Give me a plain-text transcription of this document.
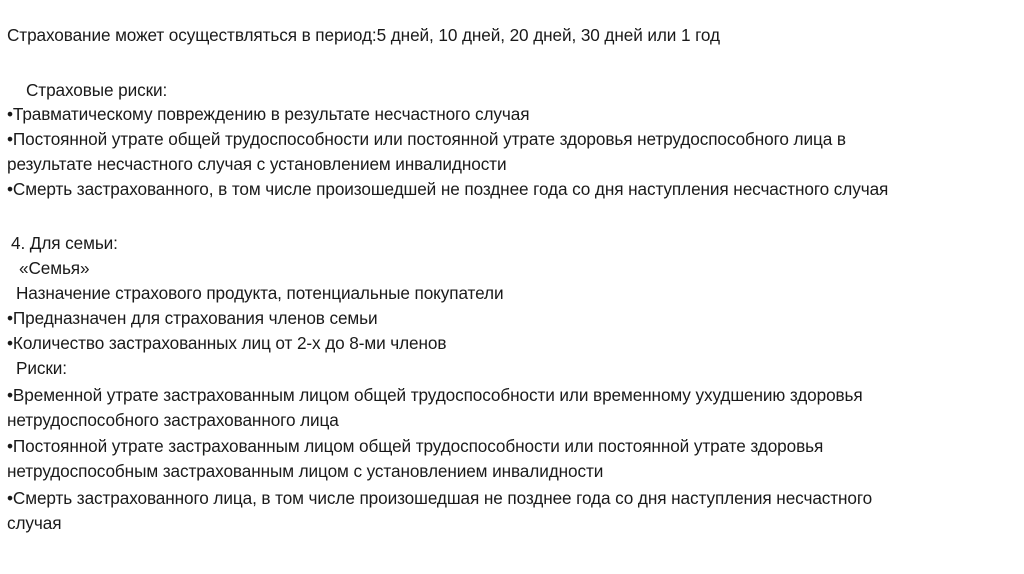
Страхование может осуществляться в период:5 дней, 10 дней, 20 дней, 30 дней или 1 год

Страховые риски:

•Травматическому повреждению в результате несчастного случая

•Постоянной утрате общей трудоспособности или постоянной утрате здоровья нетрудоспособного лица в

результате несчастного случая с установлением инвалидности

•Смерть застрахованного, в том числе произошедшей не позднее года со дня наступления несчастного случая

4. Для семьи:

«Семья»

Назначение страхового продукта, потенциальные покупатели

•Предназначен для страхования членов семьи

•Количество застрахованных лиц от 2-х до 8-ми членов

Риски:

•Временной утрате застрахованным лицом общей трудоспособности или временному ухудшению здоровья

нетрудоспособного застрахованного лица

•Постоянной утрате застрахованным лицом общей трудоспособности или постоянной утрате здоровья

нетрудоспособным застрахованным лицом с установлением инвалидности

•Смерть застрахованного лица, в том числе произошедшая не позднее года со дня наступления несчастного

случая
